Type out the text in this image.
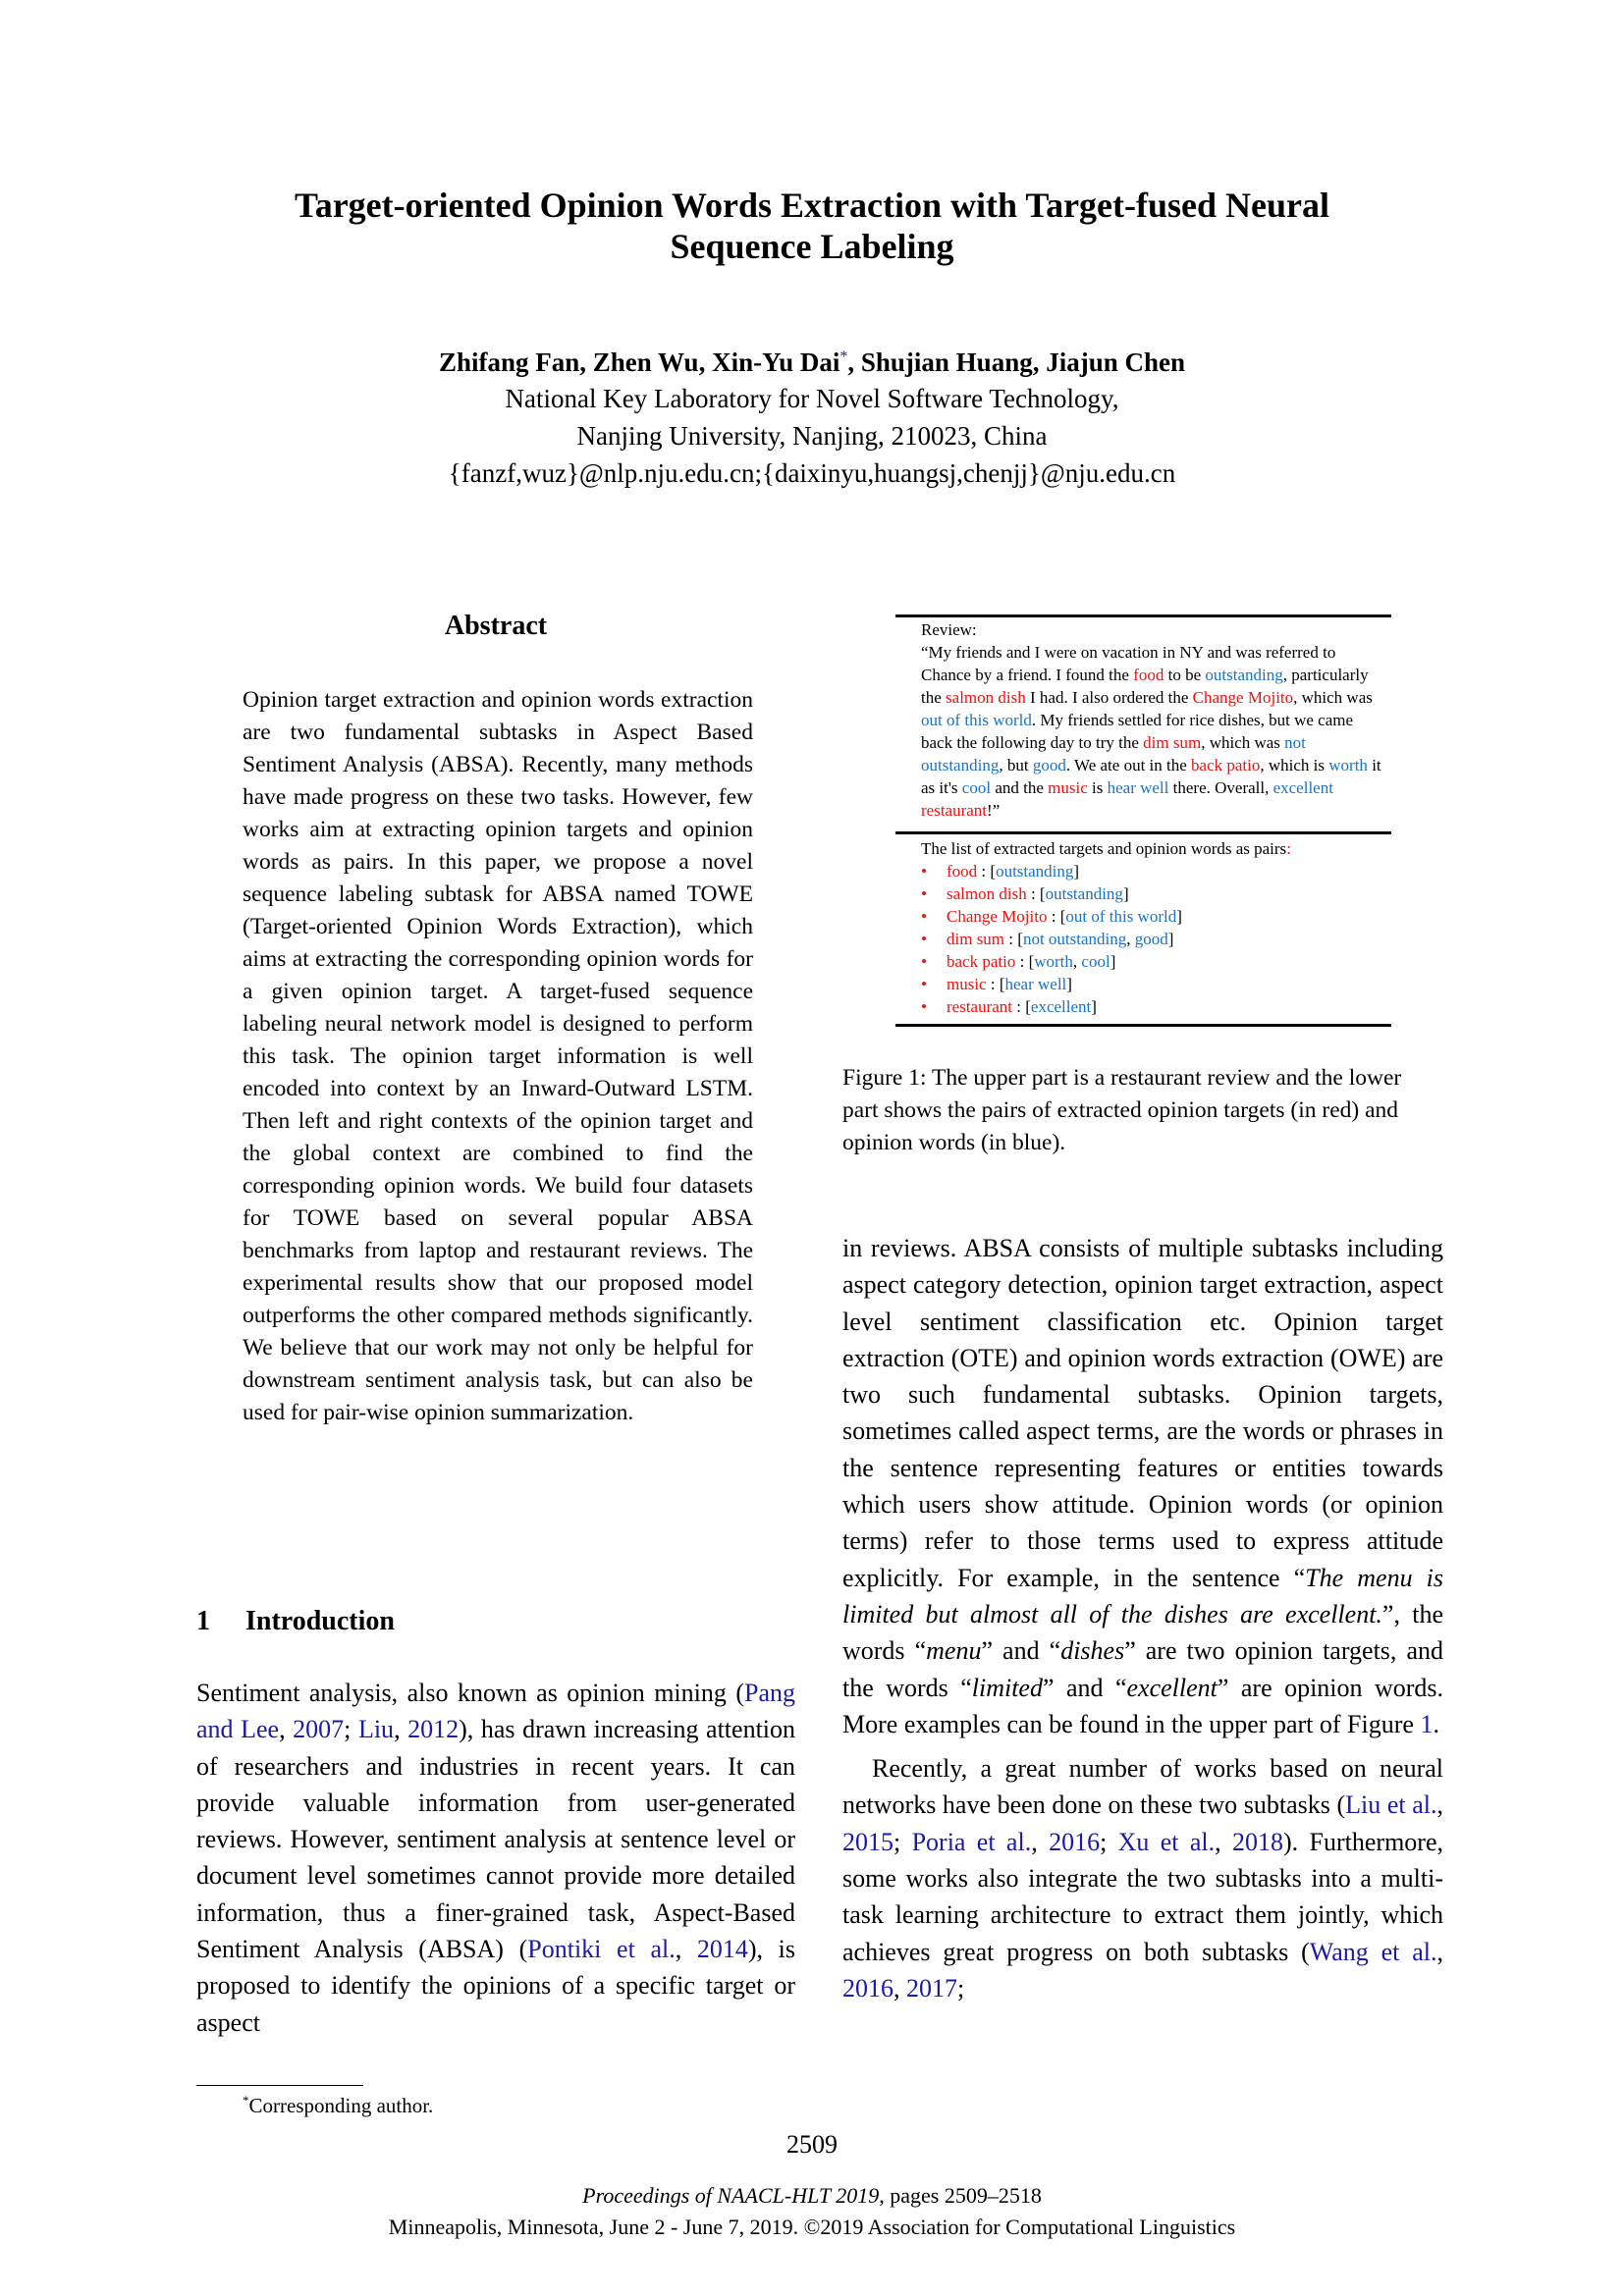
Target-oriented Opinion Words Extraction with Target-fused Neural
Sequence Labeling
Zhifang Fan, Zhen Wu, Xin-Yu Dai*, Shujian Huang, Jiajun Chen
National Key Laboratory for Novel Software Technology,
Nanjing University, Nanjing, 210023, China
{fanzf,wuz}@nlp.nju.edu.cn;{daixinyu,huangsj,chenjj}@nju.edu.cn
Abstract
Opinion target extraction and opinion words extraction are two fundamental subtasks in Aspect Based Sentiment Analysis (ABSA). Recently, many methods have made progress on these two tasks. However, few works aim at extracting opinion targets and opinion words as pairs. In this paper, we propose a novel sequence labeling subtask for ABSA named TOWE (Target-oriented Opinion Words Extraction), which aims at extracting the corresponding opinion words for a given opinion target. A target-fused sequence labeling neural network model is designed to perform this task. The opinion target information is well encoded into context by an Inward-Outward LSTM. Then left and right contexts of the opinion target and the global context are combined to find the corresponding opinion words. We build four datasets for TOWE based on several popular ABSA benchmarks from laptop and restaurant reviews. The experimental results show that our proposed model outperforms the other compared methods significantly. We believe that our work may not only be helpful for downstream sentiment analysis task, but can also be used for pair-wise opinion summarization.
1 Introduction
Sentiment analysis, also known as opinion mining (Pang and Lee, 2007; Liu, 2012), has drawn increasing attention of researchers and industries in recent years. It can provide valuable information from user-generated reviews. However, sentiment analysis at sentence level or document level sometimes cannot provide more detailed information, thus a finer-grained task, Aspect-Based Sentiment Analysis (ABSA) (Pontiki et al., 2014), is proposed to identify the opinions of a specific target or aspect
*Corresponding author.
Review:
“My friends and I were on vacation in NY and was referred to Chance by a friend. I found the food to be outstanding, particularly the salmon dish I had. I also ordered the Change Mojito, which was out of this world. My friends settled for rice dishes, but we came back the following day to try the dim sum, which was not outstanding, but good. We ate out in the back patio, which is worth it as it's cool and the music is hear well there. Overall, excellent restaurant!”
The list of extracted targets and opinion words as pairs:
• food : [outstanding]
• salmon dish : [outstanding]
• Change Mojito : [out of this world]
• dim sum : [not outstanding, good]
• back patio : [worth, cool]
• music : [hear well]
• restaurant : [excellent]
Figure 1: The upper part is a restaurant review and the lower part shows the pairs of extracted opinion targets (in red) and opinion words (in blue).

in reviews. ABSA consists of multiple subtasks including aspect category detection, opinion target extraction, aspect level sentiment classification etc. Opinion target extraction (OTE) and opinion words extraction (OWE) are two such fundamental subtasks. Opinion targets, sometimes called aspect terms, are the words or phrases in the sentence representing features or entities towards which users show attitude. Opinion words (or opinion terms) refer to those terms used to express attitude explicitly. For example, in the sentence “The menu is limited but almost all of the dishes are excellent.”, the words “menu” and “dishes” are two opinion targets, and the words “limited” and “excellent” are opinion words. More examples can be found in the upper part of Figure 1.

Recently, a great number of works based on neural networks have been done on these two subtasks (Liu et al., 2015; Poria et al., 2016; Xu et al., 2018). Furthermore, some works also integrate the two subtasks into a multi-task learning architecture to extract them jointly, which achieves great progress on both subtasks (Wang et al., 2016, 2017;

2509
Proceedings of NAACL-HLT 2019, pages 2509–2518
Minneapolis, Minnesota, June 2 - June 7, 2019. ©2019 Association for Computational Linguistics
